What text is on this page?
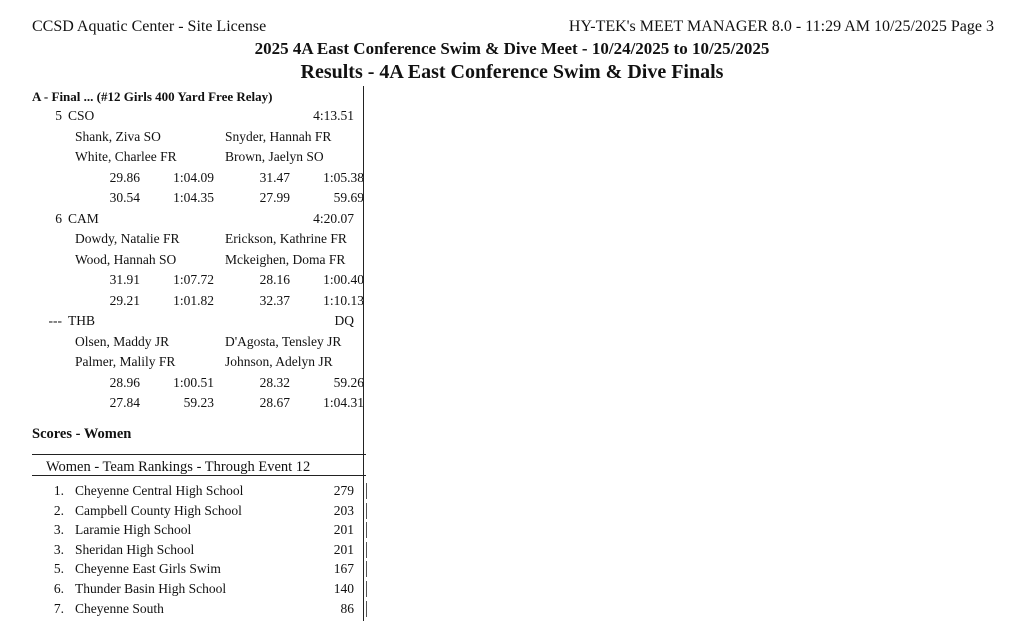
CCSD Aquatic Center - Site License	HY-TEK's MEET MANAGER 8.0 - 11:29 AM 10/25/2025 Page 3
2025 4A East Conference Swim & Dive Meet - 10/24/2025 to 10/25/2025
Results - 4A East Conference Swim & Dive Finals
A - Final ... (#12 Girls 400 Yard Free Relay)
5 CSO	4:13.51
Shank, Ziva SO	Snyder, Hannah FR
White, Charlee FR	Brown, Jaelyn SO
29.86	1:04.09	31.47	1:05.38
30.54	1:04.35	27.99	59.69
6 CAM	4:20.07
Dowdy, Natalie FR	Erickson, Kathrine FR
Wood, Hannah SO	Mckeighen, Doma FR
31.91	1:07.72	28.16	1:00.40
29.21	1:01.82	32.37	1:10.13
--- THB	DQ
Olsen, Maddy JR	D'Agosta, Tensley JR
Palmer, Malily FR	Johnson, Adelyn JR
28.96	1:00.51	28.32	59.26
27.84	59.23	28.67	1:04.31
Scores - Women
Women - Team Rankings - Through Event 12
1. Cheyenne Central High School	279
2. Campbell County High School	203
3. Laramie High School	201
3. Sheridan High School	201
5. Cheyenne East Girls Swim	167
6. Thunder Basin High School	140
7. Cheyenne South	86
